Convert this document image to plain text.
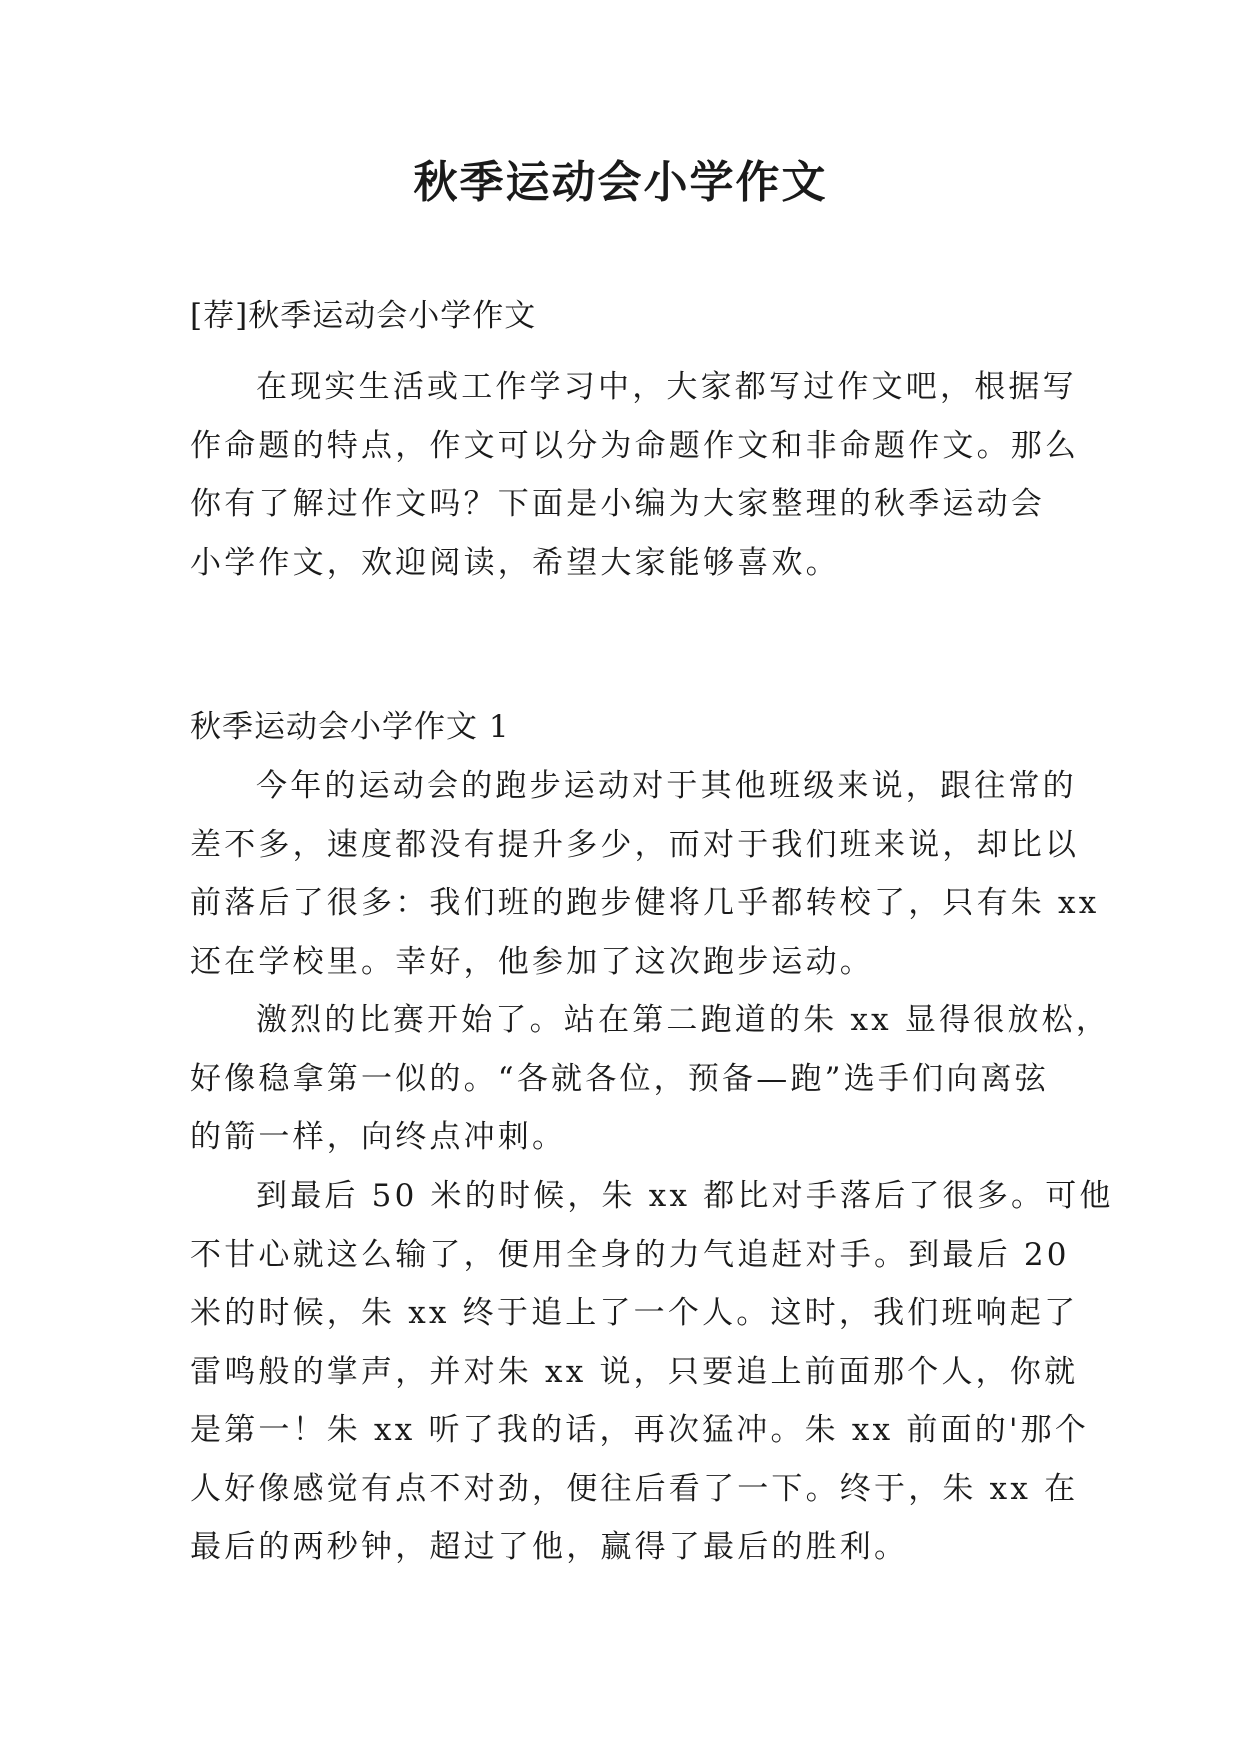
秋季运动会小学作文
[荐]秋季运动会小学作文
在现实生活或工作学习中，大家都写过作文吧，根据写
作命题的特点，作文可以分为命题作文和非命题作文。那么
你有了解过作文吗？下面是小编为大家整理的秋季运动会
小学作文，欢迎阅读，希望大家能够喜欢。
秋季运动会小学作文 1
今年的运动会的跑步运动对于其他班级来说，跟往常的
差不多，速度都没有提升多少，而对于我们班来说，却比以
前落后了很多：我们班的跑步健将几乎都转校了，只有朱 xx
还在学校里。幸好，他参加了这次跑步运动。
激烈的比赛开始了。站在第二跑道的朱 xx 显得很放松，
好像稳拿第一似的。“各就各位，预备—跑”选手们向离弦
的箭一样，向终点冲刺。
到最后 50 米的时候，朱 xx 都比对手落后了很多。可他
不甘心就这么输了，便用全身的力气追赶对手。到最后 20
米的时候，朱 xx 终于追上了一个人。这时，我们班响起了
雷鸣般的掌声，并对朱 xx 说，只要追上前面那个人，你就
是第一！朱 xx 听了我的话，再次猛冲。朱 xx 前面的'那个
人好像感觉有点不对劲，便往后看了一下。终于，朱 xx 在
最后的两秒钟，超过了他，赢得了最后的胜利。
